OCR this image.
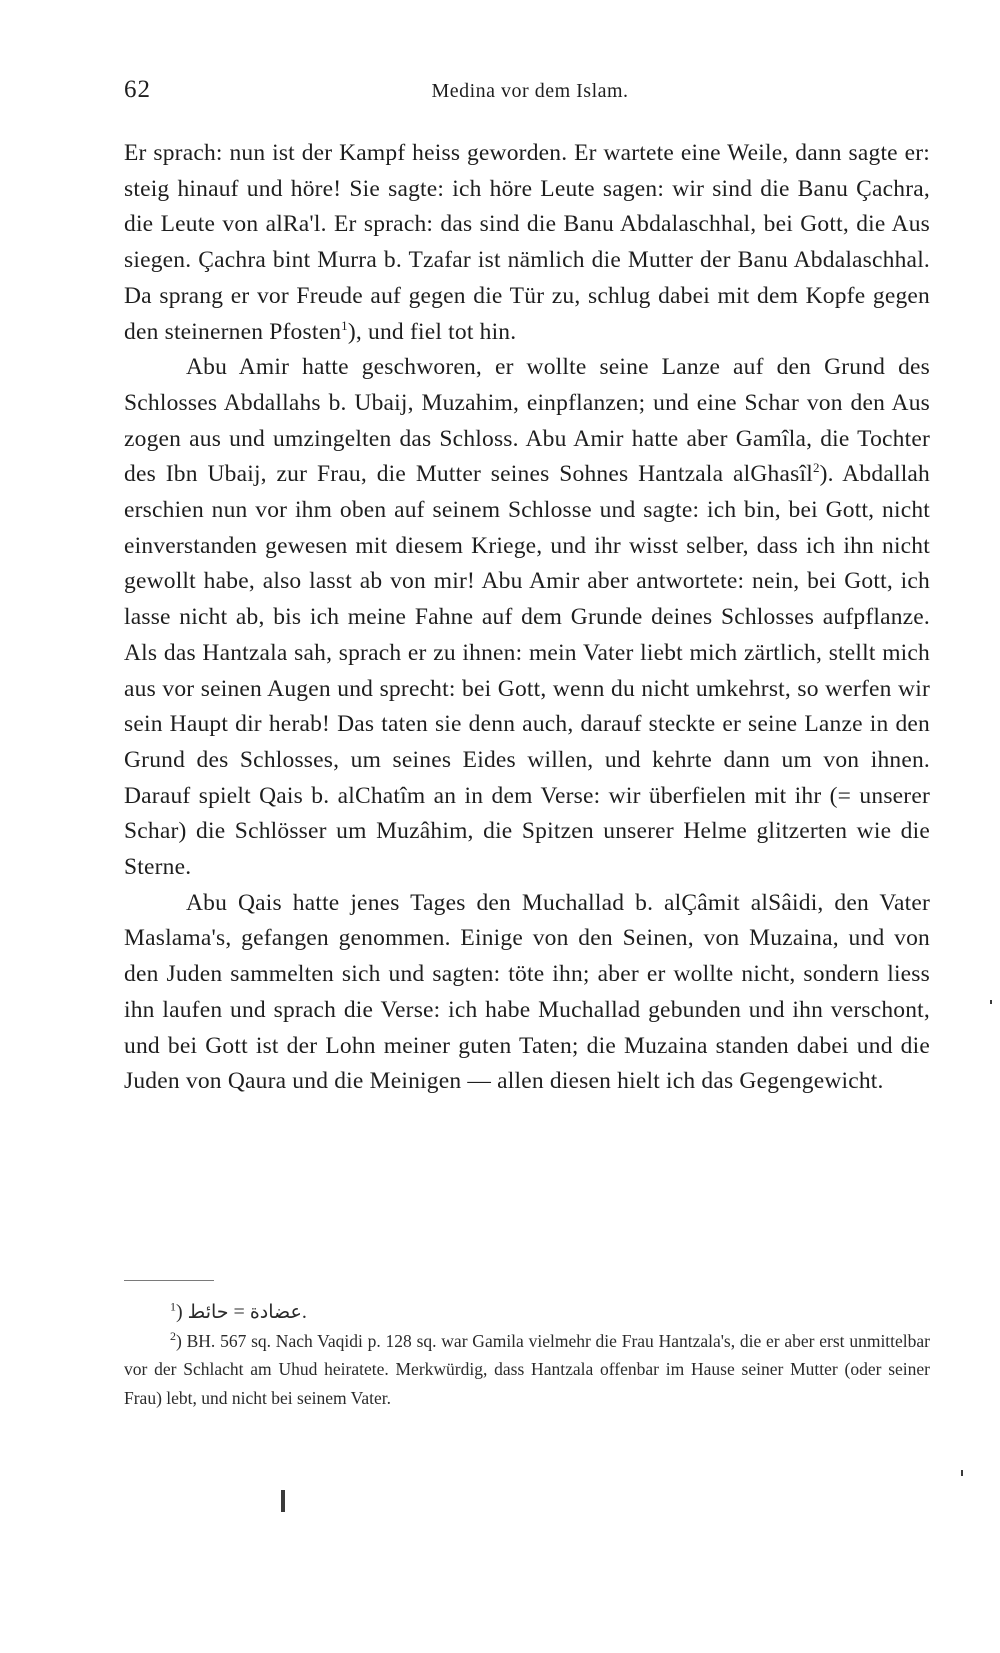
62	Medina vor dem Islam.

Er sprach: nun ist der Kampf heiss geworden. Er wartete eine Weile, dann sagte er: steig hinauf und höre! Sie sagte: ich höre Leute sagen: wir sind die Banu Çachra, die Leute von alRa'l. Er sprach: das sind die Banu Abdalaschhal, bei Gott, die Aus siegen. Çachra bint Murra b. Tzafar ist nämlich die Mutter der Banu Abdalaschhal. Da sprang er vor Freude auf gegen die Tür zu, schlug dabei mit dem Kopfe gegen den steinernen Pfosten$^1$), und fiel tot hin.

Abu Amir hatte geschworen, er wollte seine Lanze auf den Grund des Schlosses Abdallahs b. Ubaij, Muzahim, einpflanzen; und eine Schar von den Aus zogen aus und umzingelten das Schloss. Abu Amir hatte aber Gamîla, die Tochter des Ibn Ubaij, zur Frau, die Mutter seines Sohnes Hantzala alGhasîl$^2$). Abdallah erschien nun vor ihm oben auf seinem Schlosse und sagte: ich bin, bei Gott, nicht einverstanden gewesen mit diesem Kriege, und ihr wisst selber, dass ich ihn nicht gewollt habe, also lasst ab von mir! Abu Amir aber antwortete: nein, bei Gott, ich lasse nicht ab, bis ich meine Fahne auf dem Grunde deines Schlosses aufpflanze. Als das Hantzala sah, sprach er zu ihnen: mein Vater liebt mich zärtlich, stellt mich aus vor seinen Augen und sprecht: bei Gott, wenn du nicht umkehrst, so werfen wir sein Haupt dir herab! Das taten sie denn auch, darauf steckte er seine Lanze in den Grund des Schlosses, um seines Eides willen, und kehrte dann um von ihnen. Darauf spielt Qais b. alChatîm an in dem Verse: wir überfielen mit ihr (= unserer Schar) die Schlösser um Muzâhim, die Spitzen unserer Helme glitzerten wie die Sterne.

Abu Qais hatte jenes Tages den Muchallad b. alÇâmit alSâidi, den Vater Maslama's, gefangen genommen. Einige von den Seinen, von Muzaina, und von den Juden sammelten sich und sagten: töte ihn; aber er wollte nicht, sondern liess ihn laufen und sprach die Verse: ich habe Muchallad gebunden und ihn verschont, und bei Gott ist der Lohn meiner guten Taten; die Muzaina standen dabei und die Juden von Qaura und die Meinigen — allen diesen hielt ich das Gegengewicht.

$^1$) حائط = عضادة.

$^2$) BH. 567 sq. Nach Vaqidi p. 128 sq. war Gamila vielmehr die Frau Hantzala's, die er aber erst unmittelbar vor der Schlacht am Uhud heiratete. Merkwürdig, dass Hantzala offenbar im Hause seiner Mutter (oder seiner Frau) lebt, und nicht bei seinem Vater.
